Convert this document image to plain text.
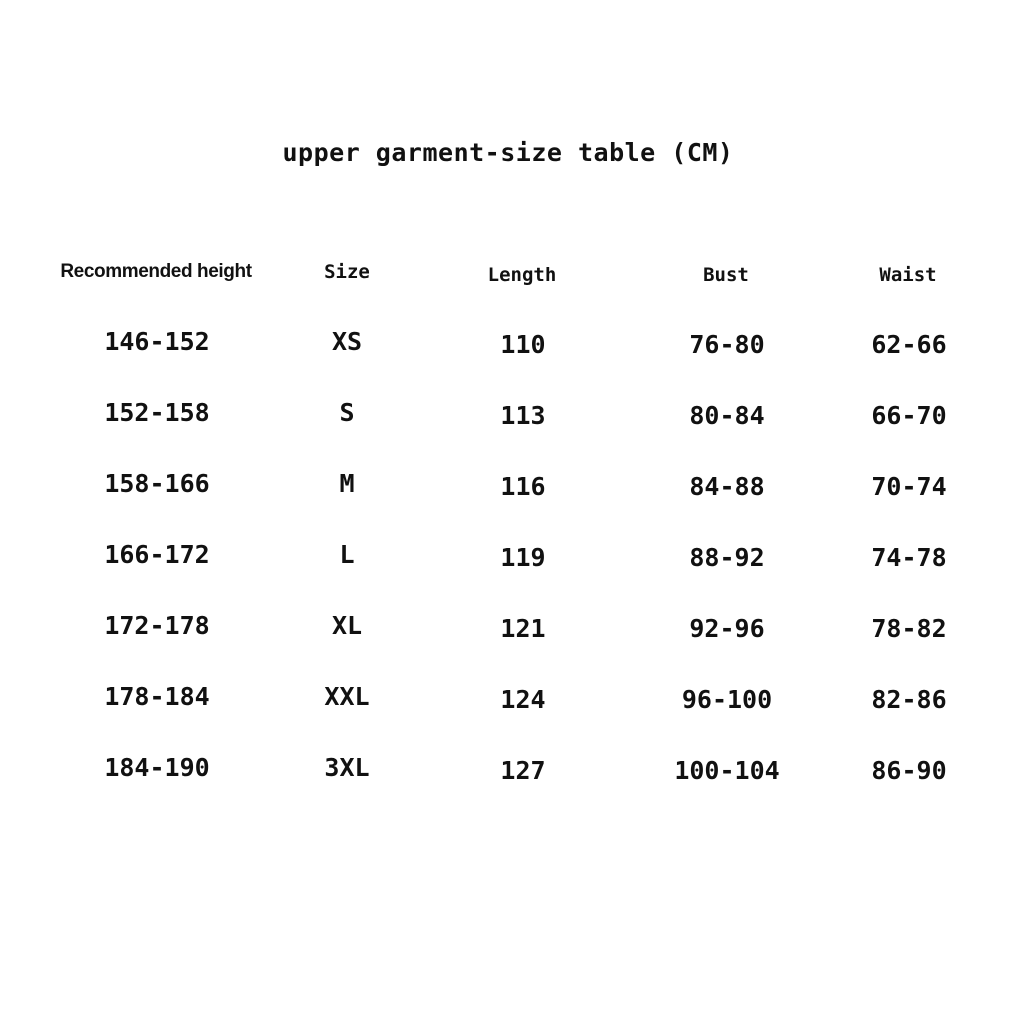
upper garment-size table (CM)
Recommended height	Size	Length	Bust	Waist
146-152	XS	110	76-80	62-66
152-158	S	113	80-84	66-70
158-166	M	116	84-88	70-74
166-172	L	119	88-92	74-78
172-178	XL	121	92-96	78-82
178-184	XXL	124	96-100	82-86
184-190	3XL	127	100-104	86-90
